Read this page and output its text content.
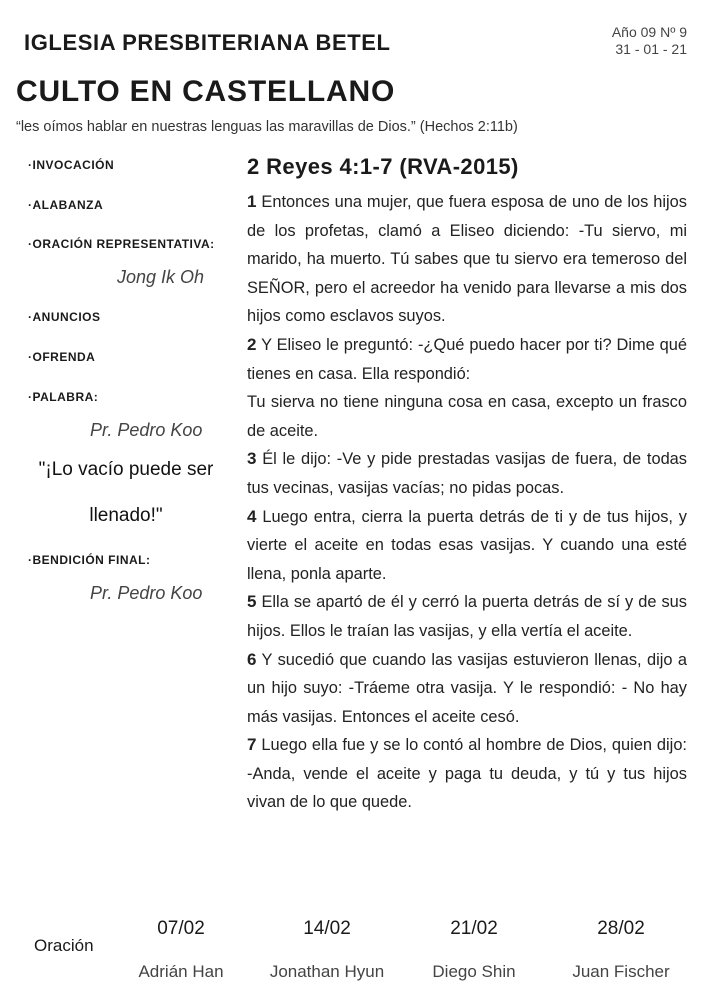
IGLESIA PRESBITERIANA BETEL	Año 09 Nº 9
31 - 01 - 21
CULTO EN CASTELLANO
“les oímos hablar en nuestras lenguas las maravillas de Dios.” (Hechos 2:11b)
·INVOCACIÓN
·ALABANZA
·ORACIÓN REPRESENTATIVA:
Jong Ik Oh
·ANUNCIOS
·OFRENDA
·PALABRA:
Pr. Pedro Koo
"¡Lo vacío puede ser
llenado!"
·BENDICIÓN FINAL:
Pr. Pedro Koo
2 Reyes 4:1-7 (RVA-2015)

1 Entonces una mujer, que fuera esposa de uno de los hijos de los profetas, clamó a Eliseo diciendo: -Tu siervo, mi marido, ha muerto. Tú sabes que tu siervo era temeroso del SEÑOR, pero el acreedor ha venido para llevarse a mis dos hijos como esclavos suyos.

2 Y Eliseo le preguntó: -¿Qué puedo hacer por ti? Dime qué tienes en casa. Ella respondió:

Tu sierva no tiene ninguna cosa en casa, excepto un frasco de aceite.

3 Él le dijo: -Ve y pide prestadas vasijas de fuera, de todas tus vecinas, vasijas vacías; no pidas pocas.

4 Luego entra, cierra la puerta detrás de ti y de tus hijos, y vierte el aceite en todas esas vasijas. Y cuando una esté llena, ponla aparte.

5 Ella se apartó de él y cerró la puerta detrás de sí y de sus hijos. Ellos le traían las vasijas, y ella vertía el aceite.

6 Y sucedió que cuando las vasijas estuvieron llenas, dijo a un hijo suyo: -Tráeme otra vasija. Y le respondió: - No hay más vasijas. Entonces el aceite cesó.

7 Luego ella fue y se lo contó al hombre de Dios, quien dijo: -Anda, vende el aceite y paga tu deuda, y tú y tus hijos vivan de lo que quede.

Oración
07/02
Adrián Han
14/02
Jonathan Hyun
21/02
Diego Shin
28/02
Juan Fischer
